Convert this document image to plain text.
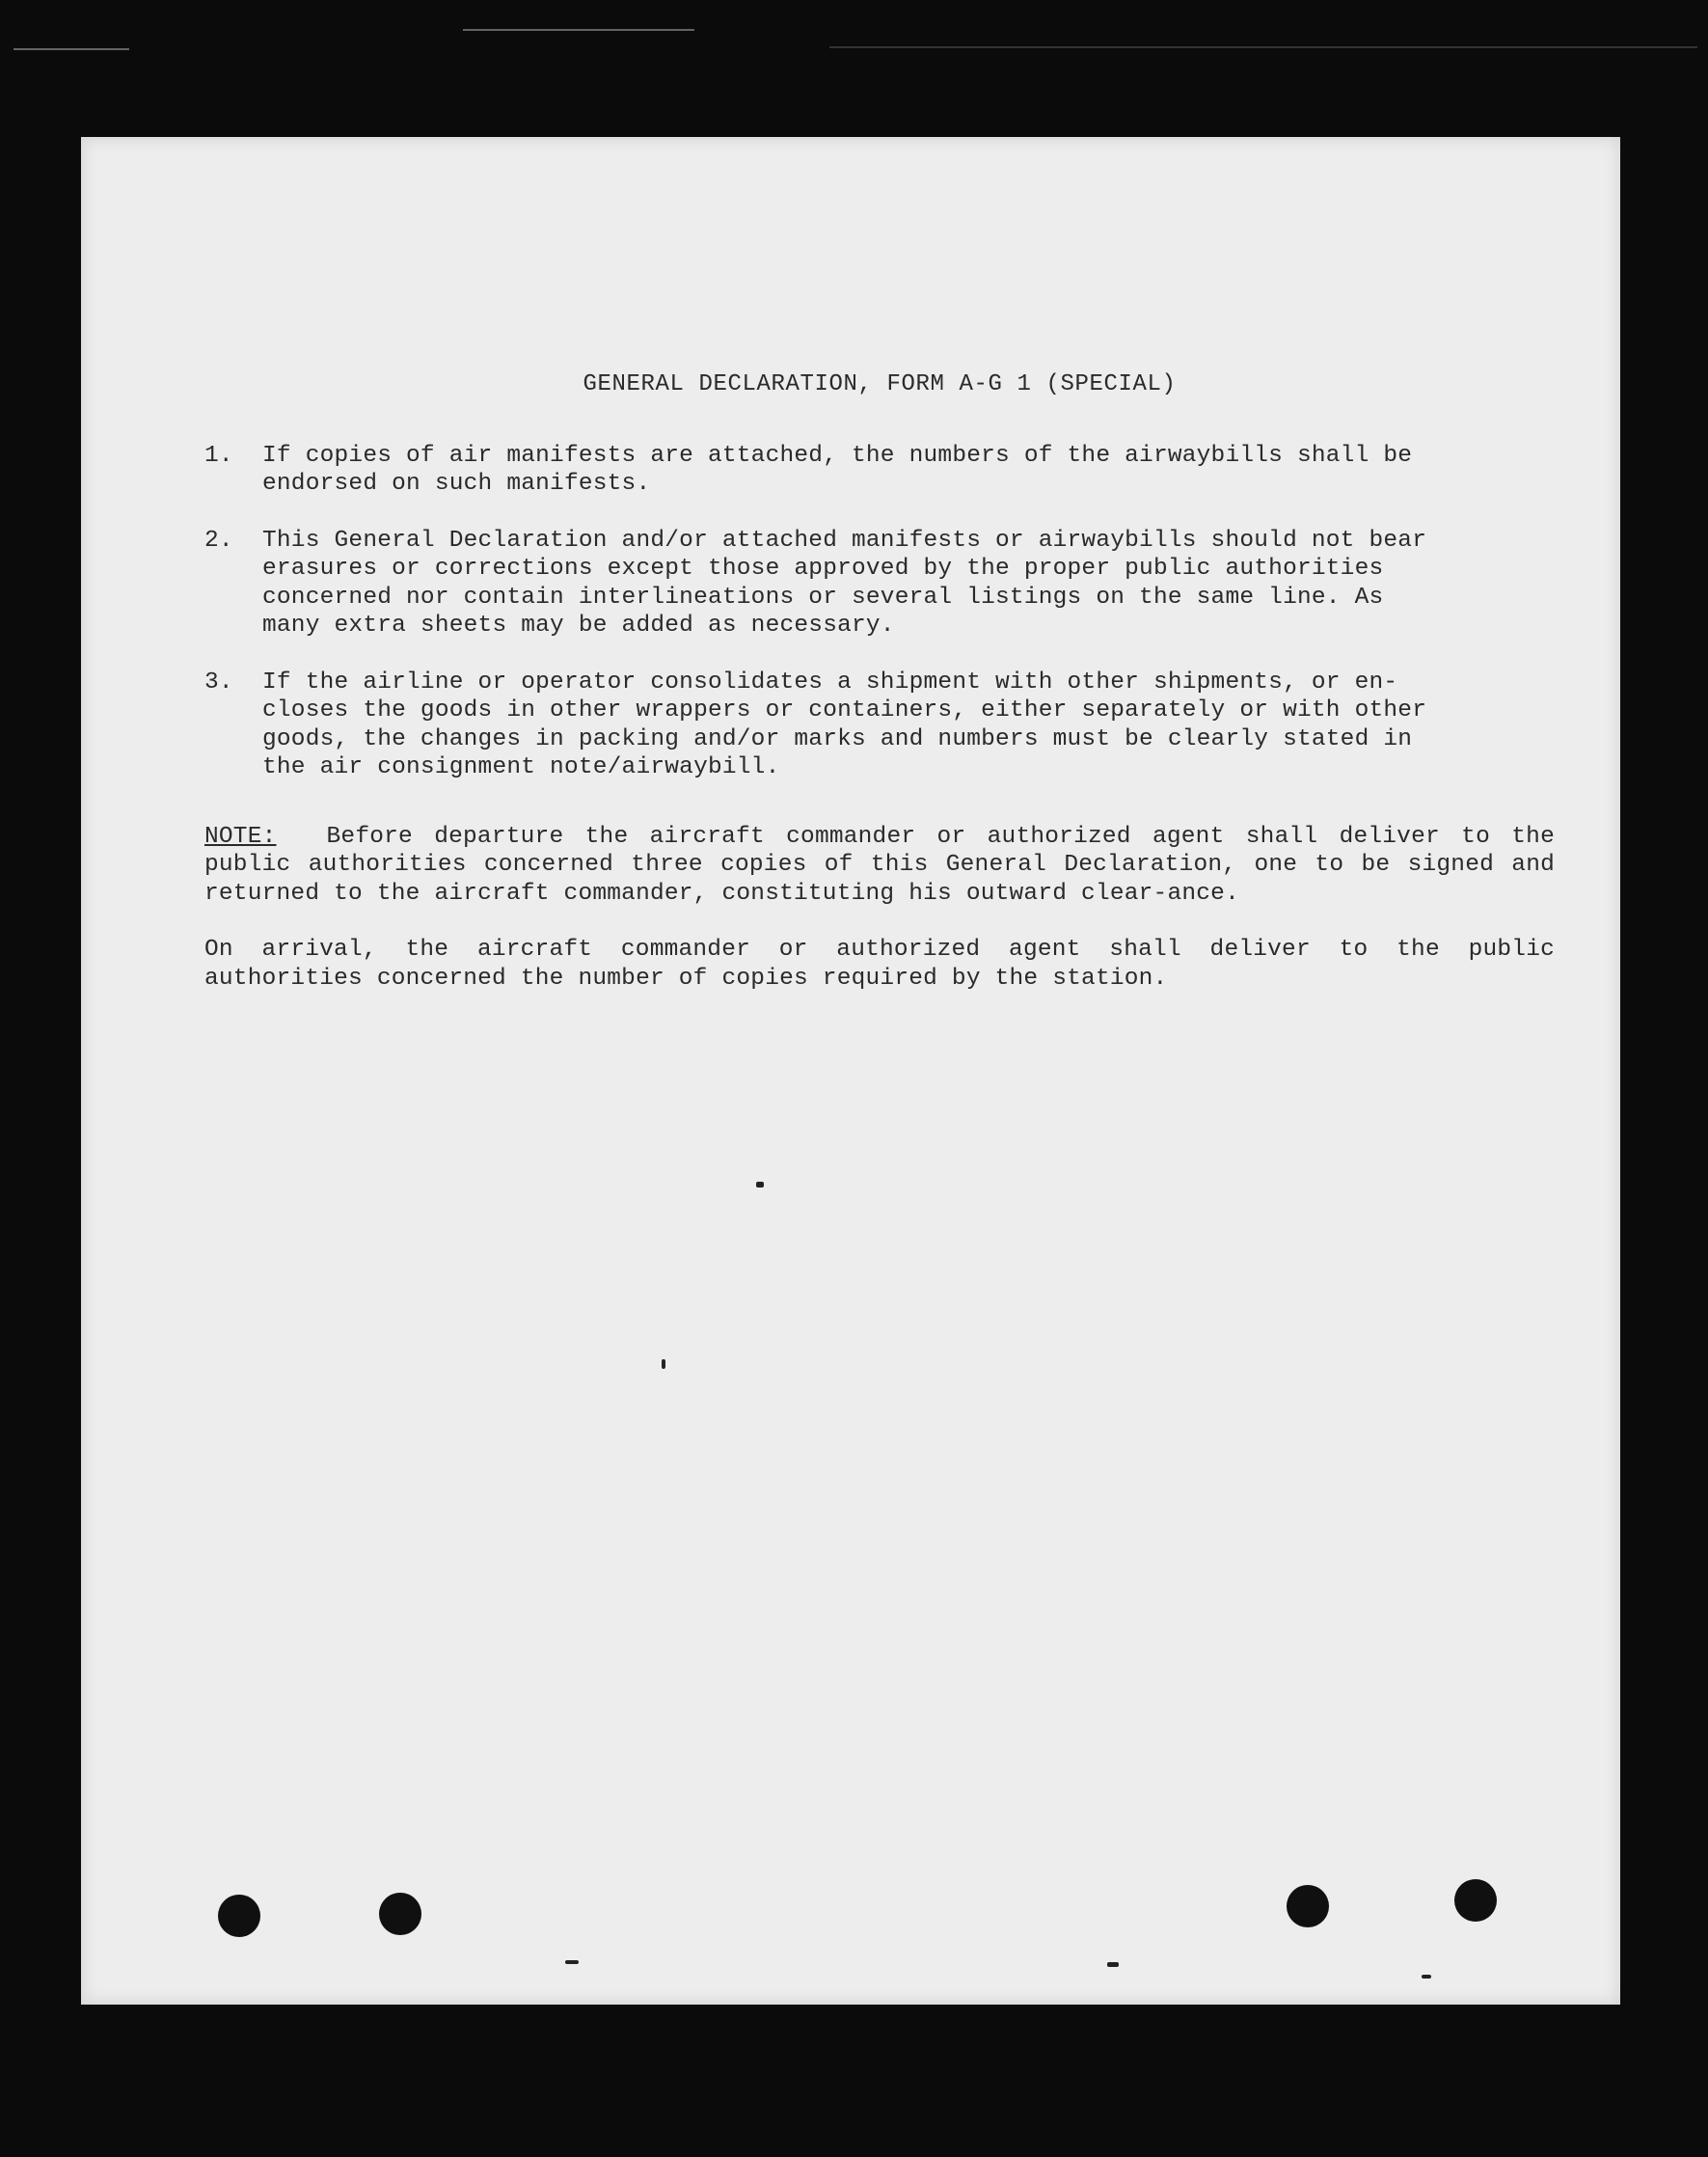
GENERAL DECLARATION, FORM A-G 1 (SPECIAL)
1.	If copies of air manifests are attached, the numbers of the airwaybills shall be
endorsed on such manifests.
2.	This General Declaration and/or attached manifests or airwaybills should not bear
erasures or corrections except those approved by the proper public authorities
concerned nor contain interlineations or several listings on the same line. As
many extra sheets may be added as necessary.
3.	If the airline or operator consolidates a shipment with other shipments, or en-
closes the goods in other wrappers or containers, either separately or with other
goods, the changes in packing and/or marks and numbers must be clearly stated in
the air consignment note/airwaybill.

NOTE: Before departure the aircraft commander or authorized agent shall deliver to the public authorities concerned three copies of this General Declaration, one to be signed and returned to the aircraft commander, constituting his outward clear-ance.

On arrival, the aircraft commander or authorized agent shall deliver to the public authorities concerned the number of copies required by the station.
